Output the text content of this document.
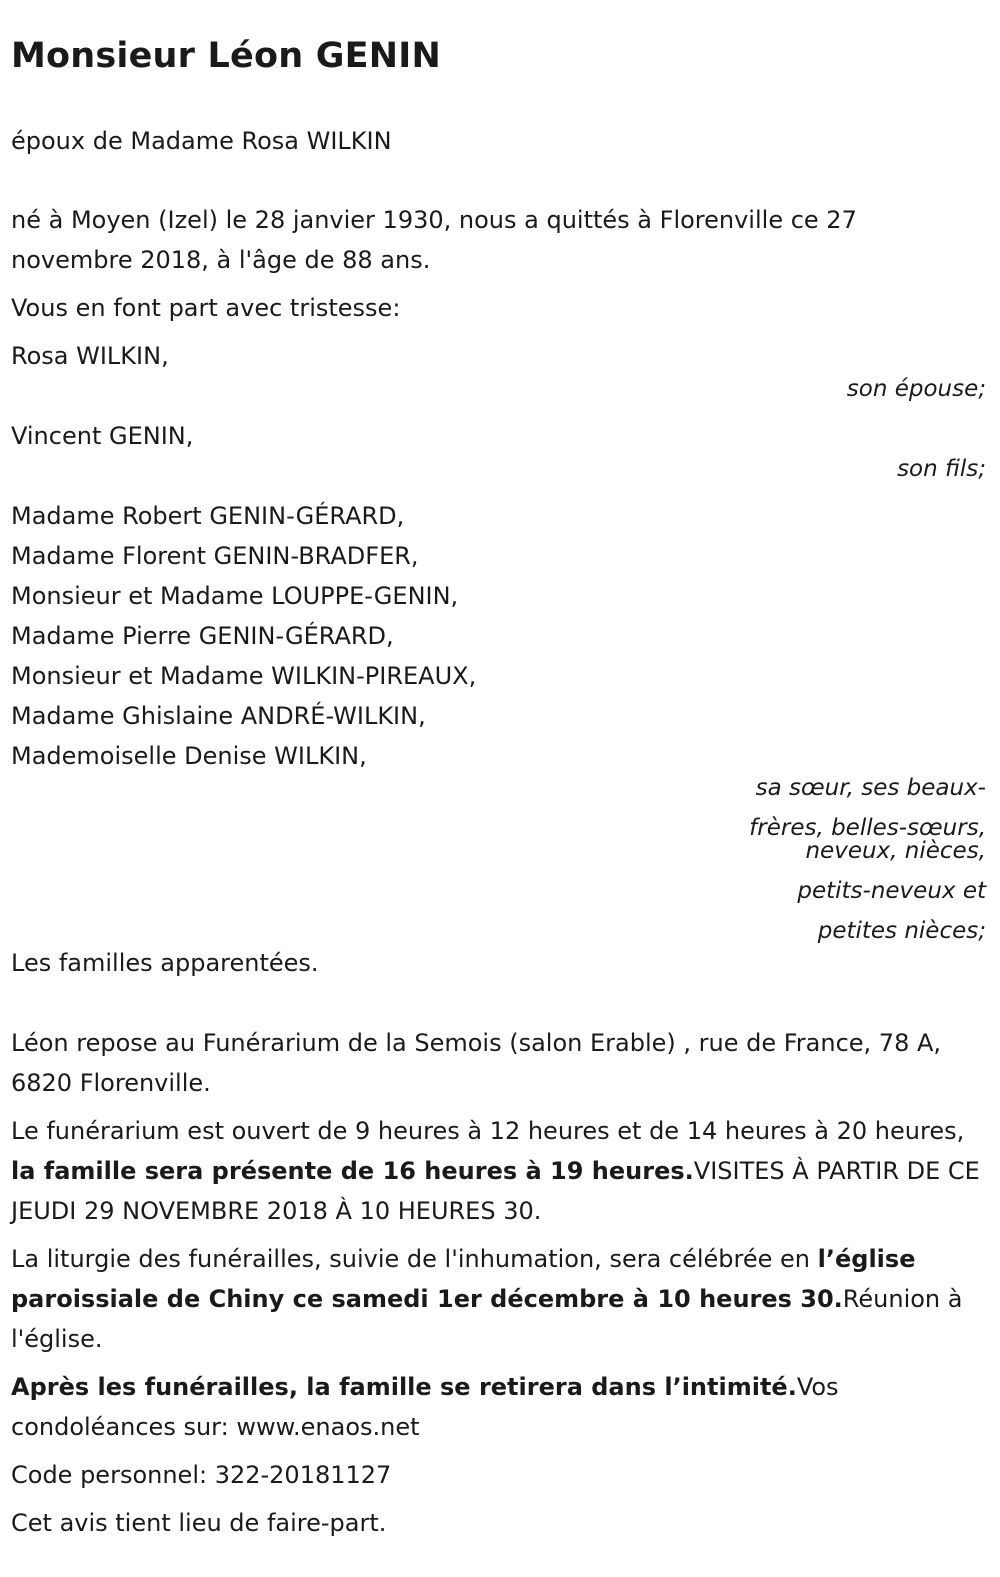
Monsieur Léon GENIN

époux de Madame Rosa WILKIN

né à Moyen (Izel) le 28 janvier 1930, nous a quittés à Florenville ce 27 novembre 2018, à l'âge de 88 ans.

Vous en font part avec tristesse:

Rosa WILKIN,

son épouse;

Vincent GENIN,

son fils;

Madame Robert GENIN-GÉRARD,

Madame Florent GENIN-BRADFER,

Monsieur et Madame LOUPPE-GENIN,

Madame Pierre GENIN-GÉRARD,

Monsieur et Madame WILKIN-PIREAUX,

Madame Ghislaine ANDRÉ-WILKIN,

Mademoiselle Denise WILKIN,

sa sœur, ses beaux-frères, belles-sœurs,
neveux, nièces, petits-neveux et petites nièces;

Les familles apparentées.

Léon repose au Funérarium de la Semois (salon Erable) , rue de France, 78 A, 6820 Florenville.

Le funérarium est ouvert de 9 heures à 12 heures et de 14 heures à 20 heures, la famille sera présente de 16 heures à 19 heures.VISITES À PARTIR DE CE JEUDI 29 NOVEMBRE 2018 À 10 HEURES 30.

La liturgie des funérailles, suivie de l'inhumation, sera célébrée en l’église paroissiale de Chiny ce samedi 1er décembre à 10 heures 30.Réunion à l'église.

Après les funérailles, la famille se retirera dans l’intimité.Vos condoléances sur: www.enaos.net

Code personnel: 322-20181127

Cet avis tient lieu de faire-part.
